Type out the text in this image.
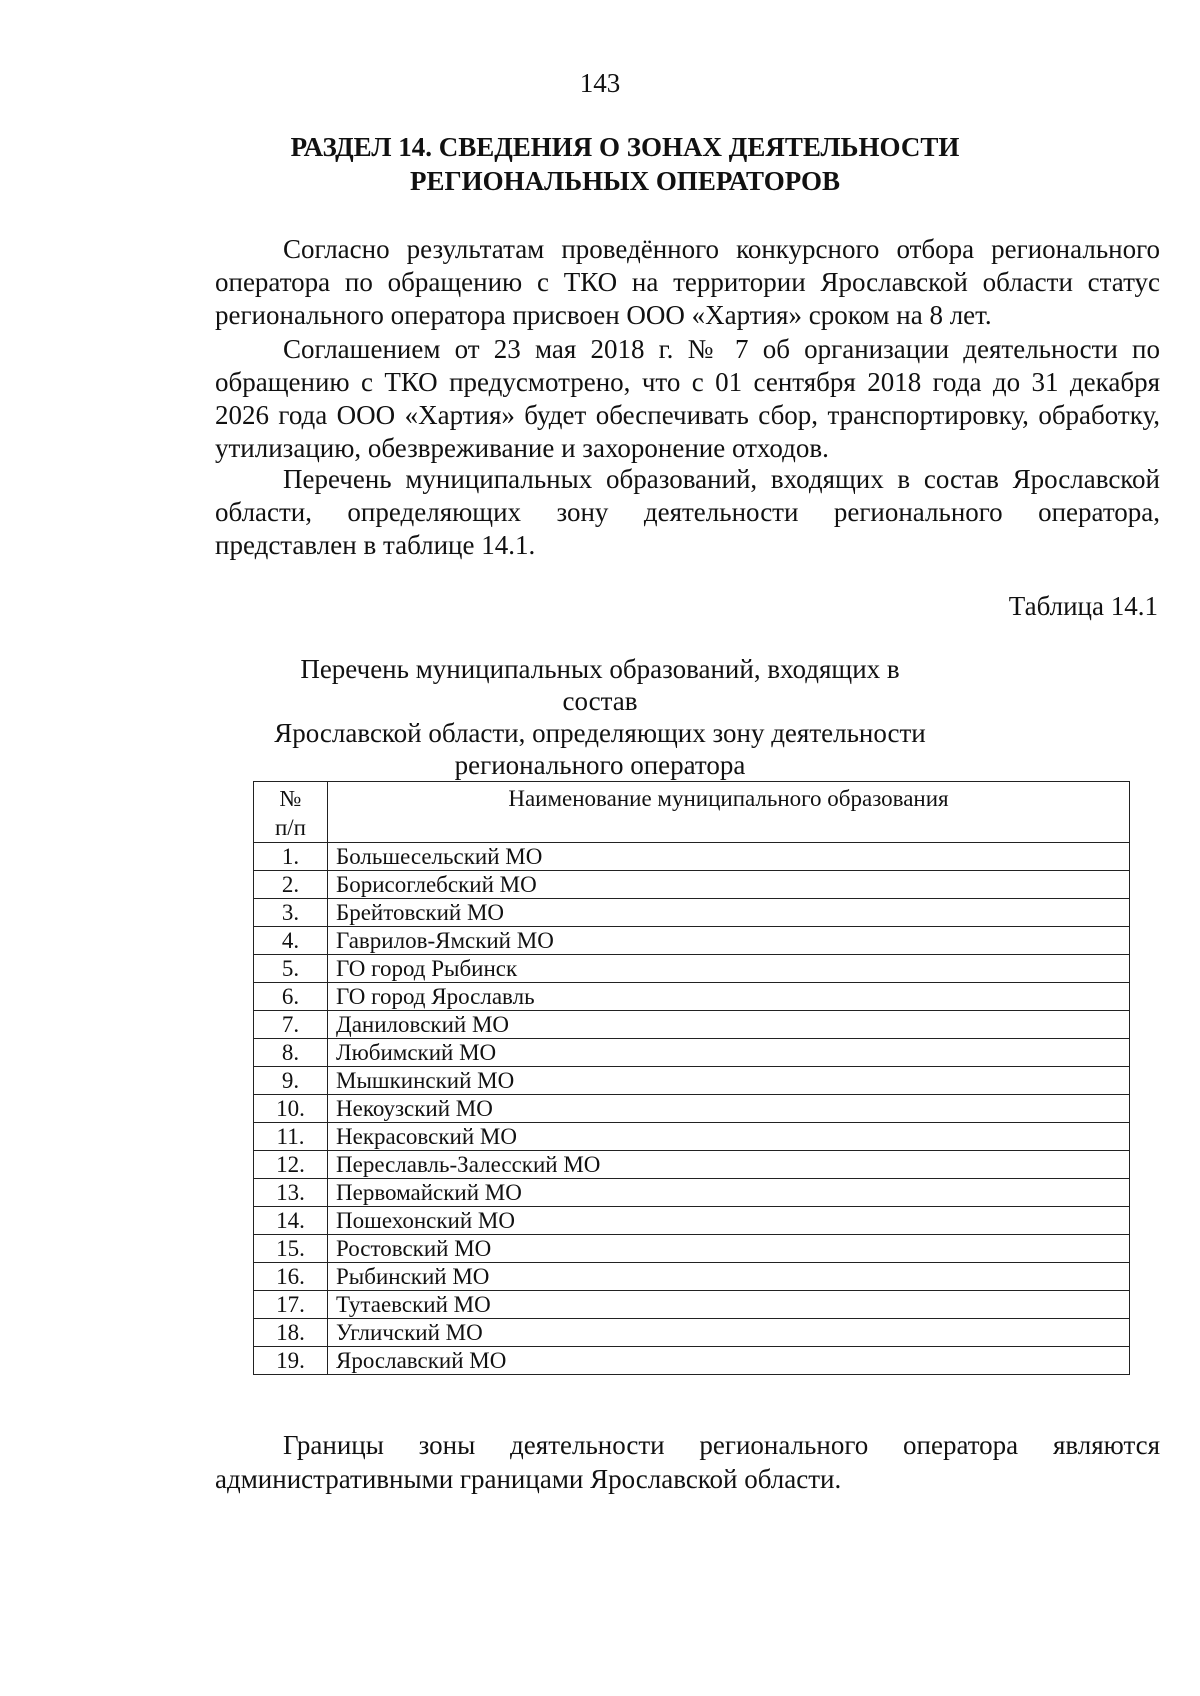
143
РАЗДЕЛ 14. СВЕДЕНИЯ О ЗОНАХ ДЕЯТЕЛЬНОСТИ
РЕГИОНАЛЬНЫХ ОПЕРАТОРОВ

Согласно результатам проведённого конкурсного отбора регионального оператора по обращению с ТКО на территории Ярославской области статус регионального оператора присвоен ООО «Хартия» сроком на 8 лет.

Соглашением от 23 мая 2018 г. № 7 об организации деятельности по обращению с ТКО предусмотрено, что с 01 сентября 2018 года до 31 декабря 2026 года ООО «Хартия» будет обеспечивать сбор, транспортировку, обработку, утилизацию, обезвреживание и захоронение отходов.

Перечень муниципальных образований, входящих в состав Ярославской области, определяющих зону деятельности регионального оператора, представлен в таблице 14.1.

Таблица 14.1
Перечень муниципальных образований, входящих в состав
Ярославской области, определяющих зону деятельности
регионального оператора
№
п/п	Наименование муниципального образования
1.	Большесельский МО
2.	Борисоглебский МО
3.	Брейтовский МО
4.	Гаврилов-Ямский МО
5.	ГО город Рыбинск
6.	ГО город Ярославль
7.	Даниловский МО
8.	Любимский МО
9.	Мышкинский МО
10.	Некоузский МО
11.	Некрасовский МО
12.	Переславль-Залесский МО
13.	Первомайский МО
14.	Пошехонский МО
15.	Ростовский МО
16.	Рыбинский МО
17.	Тутаевский МО
18.	Угличский МО
19.	Ярославский МО

Границы зоны деятельности регионального оператора являются административными границами Ярославской области.
